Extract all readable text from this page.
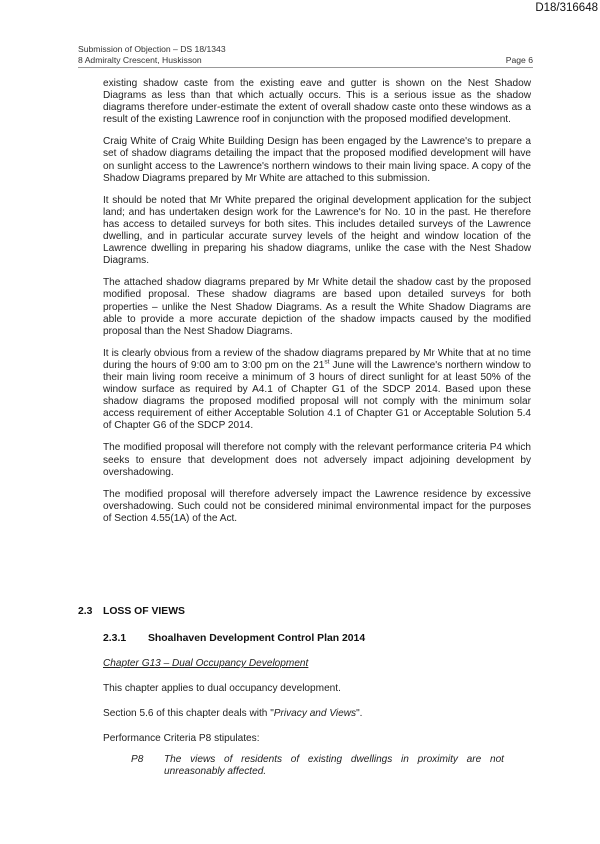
D18/316648
Submission of Objection – DS 18/1343
8 Admiralty Crescent, Huskisson	Page 6

existing shadow caste from the existing eave and gutter is shown on the Nest Shadow Diagrams as less than that which actually occurs. This is a serious issue as the shadow diagrams therefore under-estimate the extent of overall shadow caste onto these windows as a result of the existing Lawrence roof in conjunction with the proposed modified development.

Craig White of Craig White Building Design has been engaged by the Lawrence's to prepare a set of shadow diagrams detailing the impact that the proposed modified development will have on sunlight access to the Lawrence's northern windows to their main living space. A copy of the Shadow Diagrams prepared by Mr White are attached to this submission.

It should be noted that Mr White prepared the original development application for the subject land; and has undertaken design work for the Lawrence's for No. 10 in the past. He therefore has access to detailed surveys for both sites. This includes detailed surveys of the Lawrence dwelling, and in particular accurate survey levels of the height and window location of the Lawrence dwelling in preparing his shadow diagrams, unlike the case with the Nest Shadow Diagrams.

The attached shadow diagrams prepared by Mr White detail the shadow cast by the proposed modified proposal. These shadow diagrams are based upon detailed surveys for both properties – unlike the Nest Shadow Diagrams. As a result the White Shadow Diagrams are able to provide a more accurate depiction of the shadow impacts caused by the modified proposal than the Nest Shadow Diagrams.

It is clearly obvious from a review of the shadow diagrams prepared by Mr White that at no time during the hours of 9:00 am to 3:00 pm on the 21st June will the Lawrence's northern window to their main living room receive a minimum of 3 hours of direct sunlight for at least 50% of the window surface as required by A4.1 of Chapter G1 of the SDCP 2014. Based upon these shadow diagrams the proposed modified proposal will not comply with the minimum solar access requirement of either Acceptable Solution 4.1 of Chapter G1 or Acceptable Solution 5.4 of Chapter G6 of the SDCP 2014.

The modified proposal will therefore not comply with the relevant performance criteria P4 which seeks to ensure that development does not adversely impact adjoining development by overshadowing.

The modified proposal will therefore adversely impact the Lawrence residence by excessive overshadowing. Such could not be considered minimal environmental impact for the purposes of Section 4.55(1A) of the Act.

2.3 LOSS OF VIEWS
2.3.1 Shoalhaven Development Control Plan 2014
Chapter G13 – Dual Occupancy Development
This chapter applies to dual occupancy development.
Section 5.6 of this chapter deals with "Privacy and Views".
Performance Criteria P8 stipulates:
P8 The views of residents of existing dwellings in proximity are not unreasonably affected.
